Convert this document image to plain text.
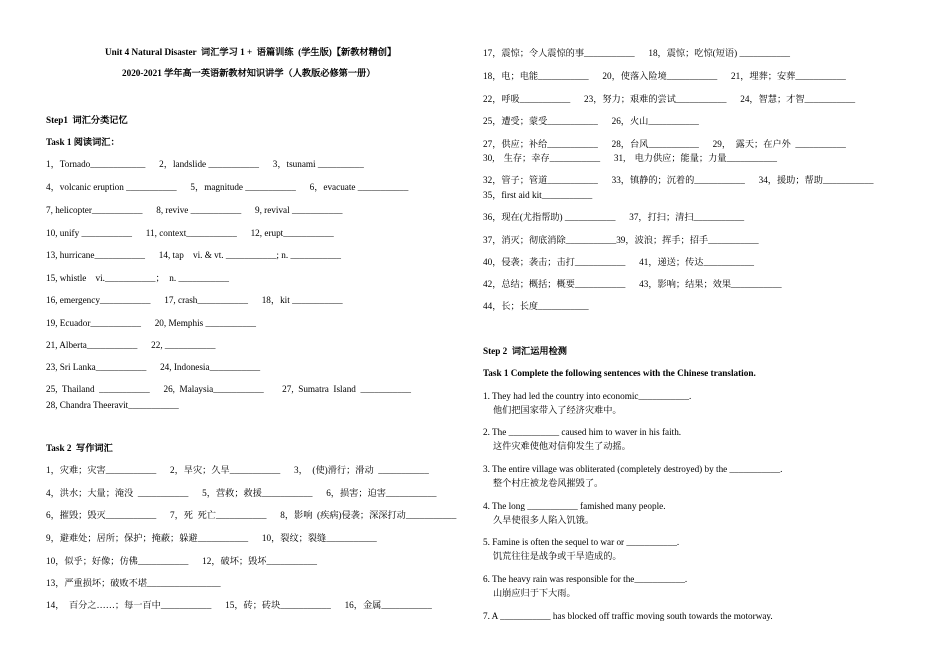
Unit 4 Natural Disaster  词汇学习 1 +  语篇训练  (学生版)【新教材精创】
2020-2021 学年高一英语新教材知识讲学（人教版必修第一册）
Step1  词汇分类记忆
Task 1 阅读词汇：
1，Tornado____________      2，landslide ___________      3，tsunami __________
4，volcanic eruption ___________      5，magnitude ___________      6，evacuate ___________
7, helicopter___________      8, revive ___________      9, revival ___________
10, unify ___________      11, context___________      12, erupt___________
13, hurricane___________      14, tap    vi. & vt. ___________; n. ___________
15, whistle    vi.___________；  n. ___________
16, emergency___________      17, crash___________      18，kit ___________
19, Ecuador___________      20, Memphis ___________
21, Alberta___________      22, ___________
23, Sri Lanka___________      24, Indonesia___________
25,  Thailand  ___________      26,  Malaysia___________        27,  Sumatra  Island  ___________
28, Chandra Theeravit___________
Task 2  写作词汇
1，灾难；灾害___________      2，旱灾；久旱___________      3，  (使)滑行；滑动  ___________
4，洪水；大量；淹没  ___________      5，营救；救援___________      6，损害；迫害___________
6，摧毁；毁灭___________      7，死  死亡___________      8，影响  (疾病)侵袭；深深打动___________
9，避难处；居所；保护；掩蔽；躲避___________      10，裂纹；裂缝___________
10，似乎；好像；仿佛___________      12，破坏；毁坏___________
13，严重损坏；破败不堪________________
14，  百分之……；每一百中___________      15，砖；砖块___________      16，金属___________
17，震惊；令人震惊的事___________      18，震惊；吃惊(短语) ___________
18，电；电能___________      20，使落入险境___________      21，埋葬；安葬___________
22，呼吸___________      23，努力；艰难的尝试___________      24，智慧；才智___________
25，遭受；蒙受___________      26，火山___________
27，供应；补给___________      28，台风___________      29，  露天；在户外  ___________
30,    生存；幸存___________      31,    电力供应；能量；力量___________
32，管子；管道___________      33，镇静的；沉着的___________      34，援助；帮助___________
35，first aid kit___________
36，现在(尤指帮助) ___________      37，打扫；清扫___________
37，消灭；彻底消除___________39，波浪；挥手；招手___________
40，侵袭；袭击；击打___________      41，递送；传达___________
42，总结；概括；概要___________      43，影响；结果；效果___________
44，长；长度___________
Step 2  词汇运用检测
Task 1 Complete the following sentences with the Chinese translation.
1. They had led the country into economic___________.
他们把国家带入了经济灾难中。
2. The ___________ caused him to waver in his faith.
这件灾难使他对信仰发生了动摇。
3. The entire village was obliterated (completely destroyed) by the ___________.
整个村庄被龙卷风摧毁了。
4. The long ___________ famished many people.
久旱使很多人陷入饥饿。
5. Famine is often the sequel to war or ___________.
饥荒往往是战争或干旱造成的。
6. The heavy rain was responsible for the___________.
山崩应归于下大雨。
7. A ___________ has blocked off traffic moving south towards the motorway.
